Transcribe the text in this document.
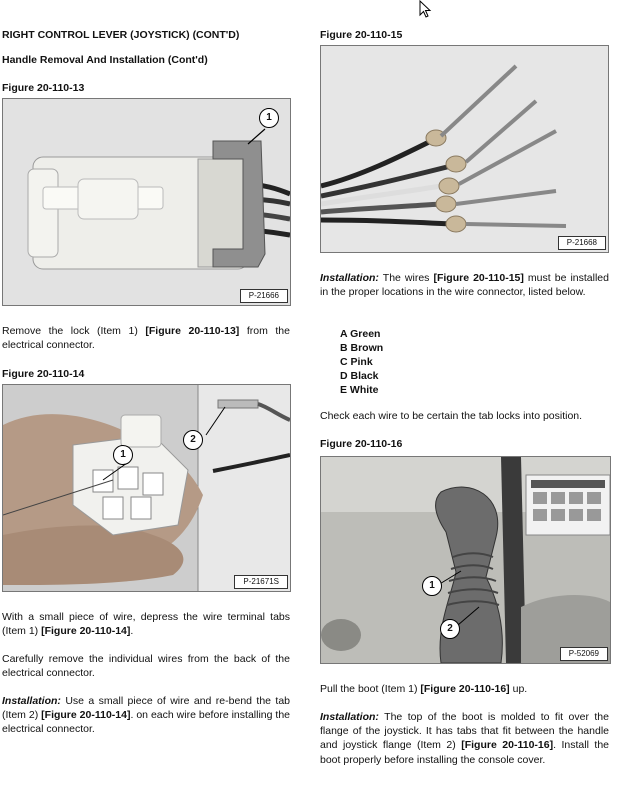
RIGHT CONTROL LEVER (JOYSTICK) (CONT'D)

Handle Removal And Installation (Cont'd)

Figure 20-110-13

1
P-21666

Remove the lock (Item 1) [Figure 20-110-13] from the electrical connector.

Figure 20-110-14

2
1
P-21671S

With a small piece of wire, depress the wire terminal tabs (Item 1) [Figure 20-110-14].

Carefully remove the individual wires from the back of the electrical connector.

Installation: Use a small piece of wire and re-bend the tab (Item 2) [Figure 20-110-14]. on each wire before installing the electrical connector.

Figure 20-110-15

P-21668

Installation: The wires [Figure 20-110-15] must be installed in the proper locations in the wire connector, listed below.

A Green
B Brown
C Pink
D Black
E White

Check each wire to be certain the tab locks into position.

Figure 20-110-16

1
2
P-52069

Pull the boot (Item 1) [Figure 20-110-16] up.

Installation: The top of the boot is molded to fit over the flange of the joystick. It has tabs that fit between the handle and joystick flange (Item 2) [Figure 20-110-16]. Install the boot properly before installing the console cover.
